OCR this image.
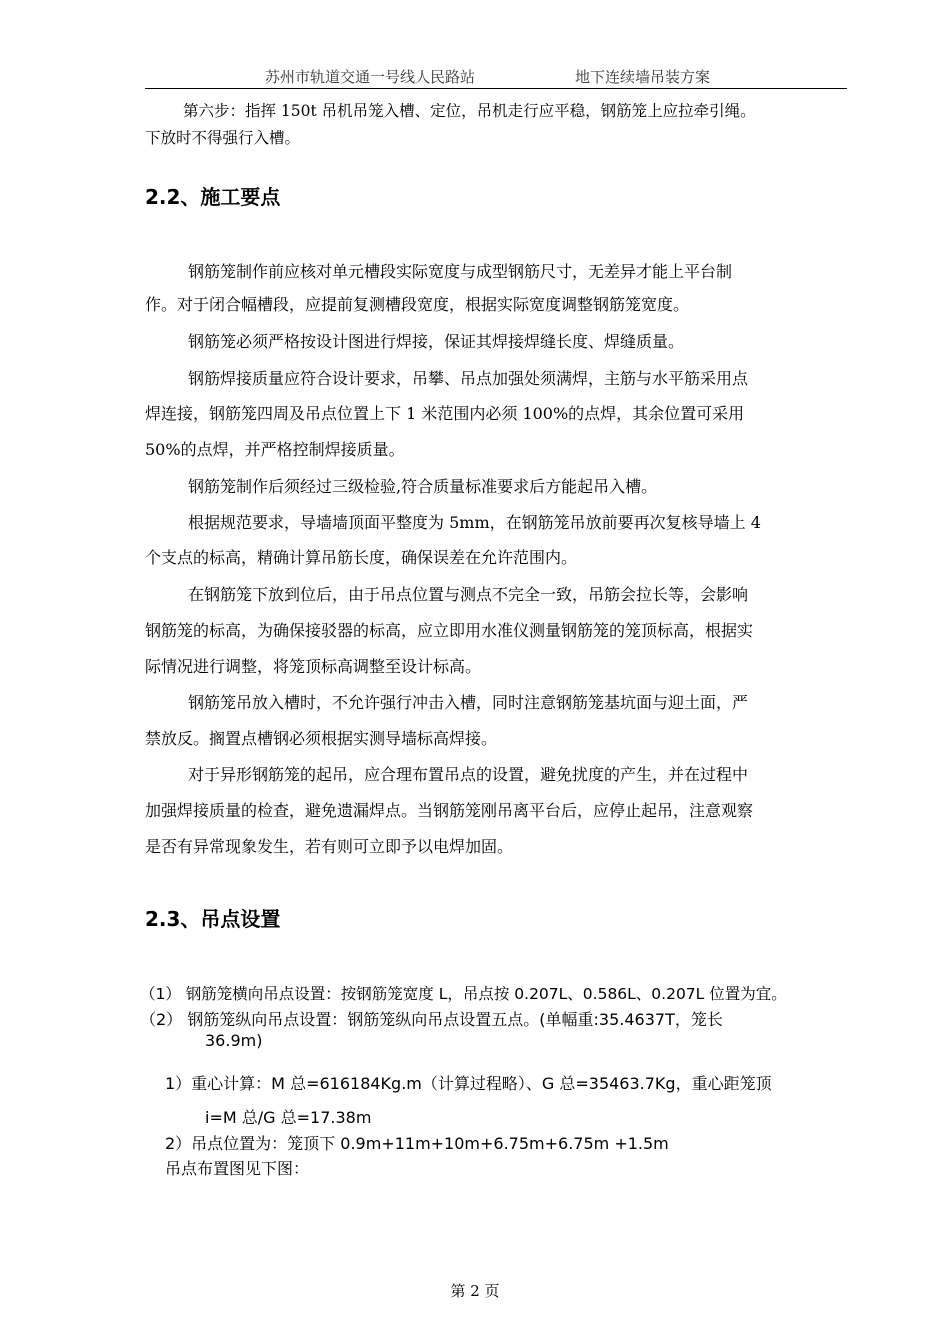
苏州市轨道交通一号线人民路站	地下连续墙吊装方案
第六步：指挥 150t 吊机吊笼入槽、定位，吊机走行应平稳，钢筋笼上应拉牵引绳。
下放时不得强行入槽。
2.2、施工要点
钢筋笼制作前应核对单元槽段实际宽度与成型钢筋尺寸，无差异才能上平台制
作。对于闭合幅槽段，应提前复测槽段宽度，根据实际宽度调整钢筋笼宽度。
钢筋笼必须严格按设计图进行焊接，保证其焊接焊缝长度、焊缝质量。
钢筋焊接质量应符合设计要求，吊攀、吊点加强处须满焊，主筋与水平筋采用点
焊连接，钢筋笼四周及吊点位置上下 1 米范围内必须 100%的点焊，其余位置可采用
50%的点焊，并严格控制焊接质量。
钢筋笼制作后须经过三级检验,符合质量标准要求后方能起吊入槽。
根据规范要求，导墙墙顶面平整度为 5mm，在钢筋笼吊放前要再次复核导墙上 4
个支点的标高，精确计算吊筋长度，确保误差在允许范围内。
在钢筋笼下放到位后，由于吊点位置与测点不完全一致，吊筋会拉长等，会影响
钢筋笼的标高，为确保接驳器的标高，应立即用水准仪测量钢筋笼的笼顶标高，根据实
际情况进行调整，将笼顶标高调整至设计标高。
钢筋笼吊放入槽时，不允许强行冲击入槽，同时注意钢筋笼基坑面与迎土面，严
禁放反。搁置点槽钢必须根据实测导墙标高焊接。
对于异形钢筋笼的起吊，应合理布置吊点的设置，避免扰度的产生，并在过程中
加强焊接质量的检查，避免遗漏焊点。当钢筋笼刚吊离平台后，应停止起吊，注意观察
是否有异常现象发生，若有则可立即予以电焊加固。
2.3、吊点设置
（1） 钢筋笼横向吊点设置：按钢筋笼宽度 L，吊点按 0.207L、0.586L、0.207L 位置为宜。
（2） 钢筋笼纵向吊点设置：钢筋笼纵向吊点设置五点。(单幅重:35.4637T，笼长
36.9m)
1）重心计算：M 总=616184Kg.m（计算过程略）、G 总=35463.7Kg，重心距笼顶
i=M 总/G 总=17.38m
2）吊点位置为：笼顶下 0.9m+11m+10m+6.75m+6.75m +1.5m
吊点布置图见下图：
第 2 页
